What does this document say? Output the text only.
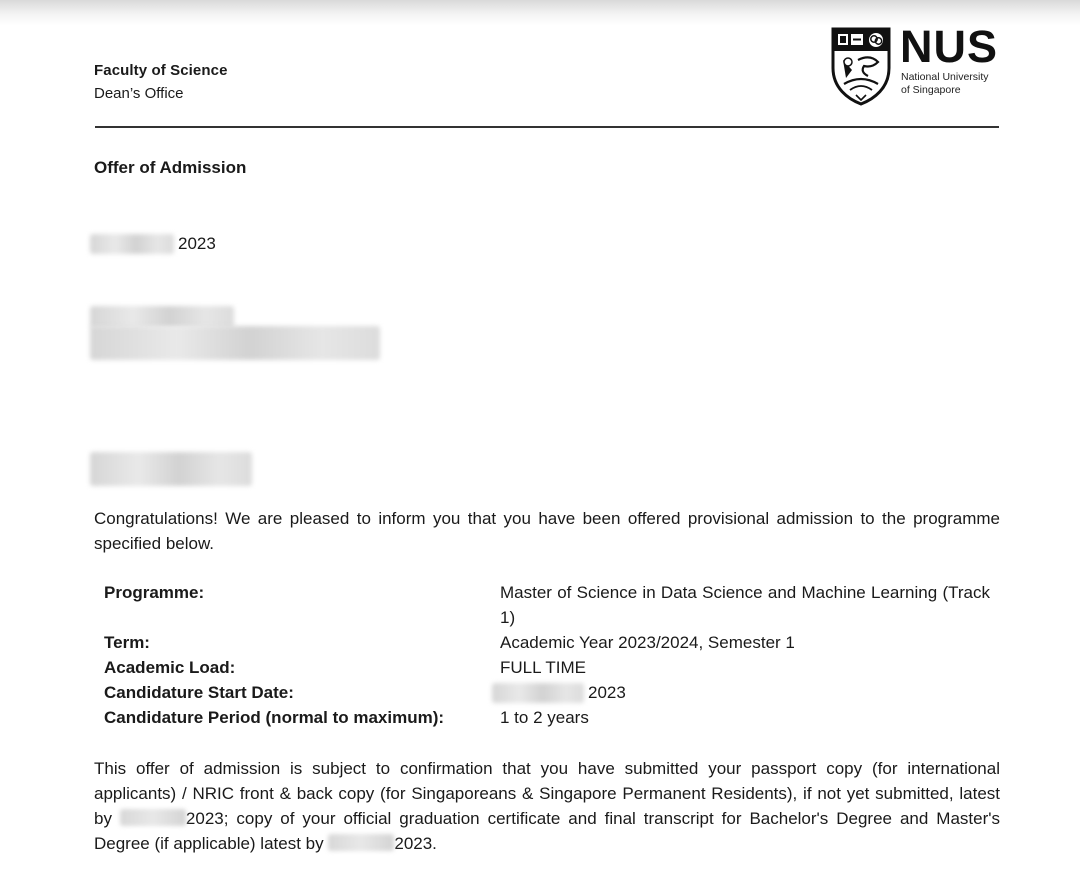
Faculty of Science
Dean’s Office
NUS
National University
of Singapore
Offer of Admission
2023
Congratulations! We are pleased to inform you that you have been offered provisional admission to the programme specified below.
Programme:	Master of Science in Data Science and Machine Learning (Track 1)
Term:	Academic Year 2023/2024, Semester 1
Academic Load:	FULL TIME
Candidature Start Date:	2023
Candidature Period (normal to maximum):	1 to 2 years
This offer of admission is subject to confirmation that you have submitted your passport copy (for international applicants) / NRIC front & back copy (for Singaporeans & Singapore Permanent Residents), if not yet submitted, latest by	2023; copy of your official graduation certificate and final transcript for Bachelor's Degree and Master's Degree (if applicable) latest by	2023.
